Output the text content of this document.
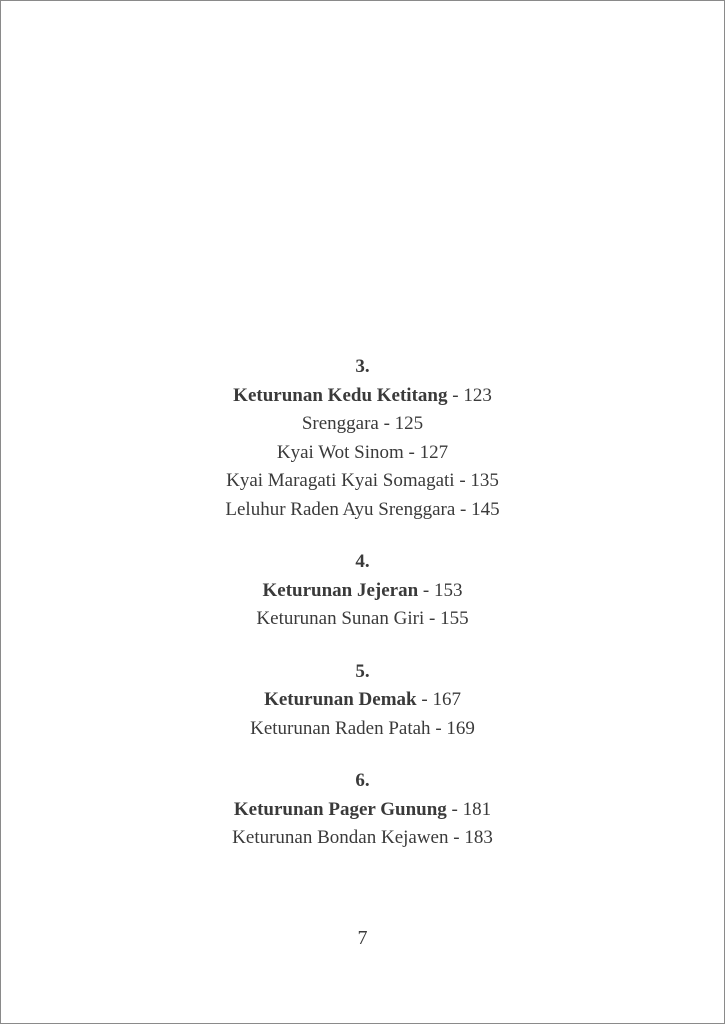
3.
Keturunan Kedu Ketitang - 123
Srenggara - 125
Kyai Wot Sinom - 127
Kyai Maragati Kyai Somagati - 135
Leluhur Raden Ayu Srenggara - 145
4.
Keturunan Jejeran - 153
Keturunan Sunan Giri - 155
5.
Keturunan Demak - 167
Keturunan Raden Patah - 169
6.
Keturunan Pager Gunung - 181
Keturunan Bondan Kejawen - 183
7
